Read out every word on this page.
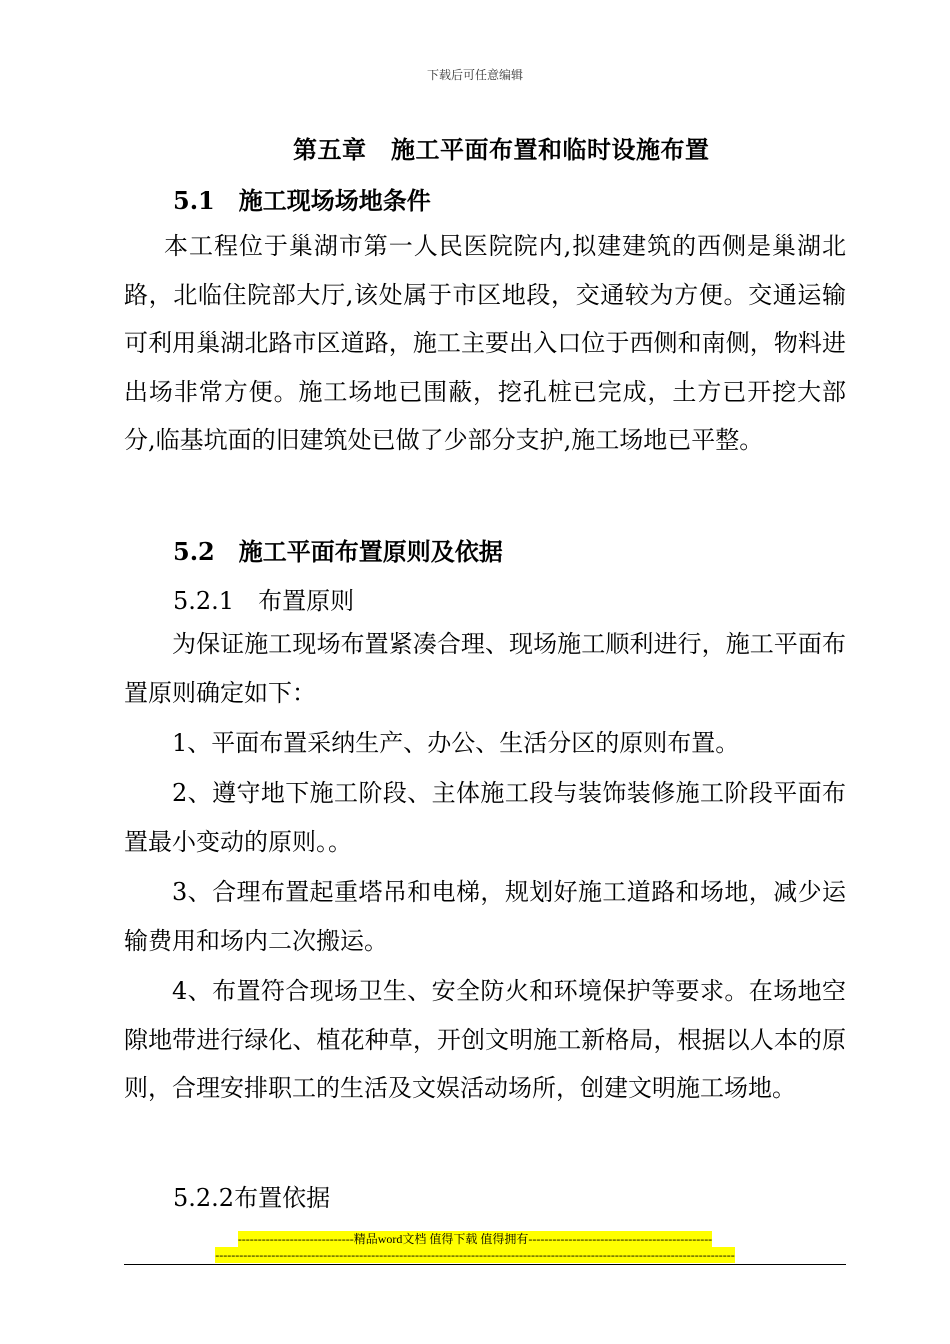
下载后可任意编辑
第五章　施工平面布置和临时设施布置
5.1　施工现场场地条件

本工程位于巢湖市第一人民医院院内,拟建建筑的西侧是巢湖北路，北临住院部大厅,该处属于市区地段，交通较为方便。交通运输可利用巢湖北路市区道路，施工主要出入口位于西侧和南侧，物料进出场非常方便。施工场地已围蔽，挖孔桩已完成，土方已开挖大部分,临基坑面的旧建筑处已做了少部分支护,施工场地已平整。

5.2　施工平面布置原则及依据
5.2.1　布置原则

为保证施工现场布置紧凑合理、现场施工顺利进行，施工平面布置原则确定如下：

1、平面布置采纳生产、办公、生活分区的原则布置。

2、遵守地下施工阶段、主体施工段与装饰装修施工阶段平面布置最小变动的原则。。

3、合理布置起重塔吊和电梯，规划好施工道路和场地，减少运输费用和场内二次搬运。

4、布置符合现场卫生、安全防火和环境保护等要求。在场地空隙地带进行绿化、植花种草，开创文明施工新格局，根据以人本的原则，合理安排职工的生活及文娱活动场所，创建文明施工场地。

5.2.2布置依据
-----------------------------精品word文档 值得下载 值得拥有----------------------------------------------
----------------------------------------------------------------------------------------------------------------------------------
